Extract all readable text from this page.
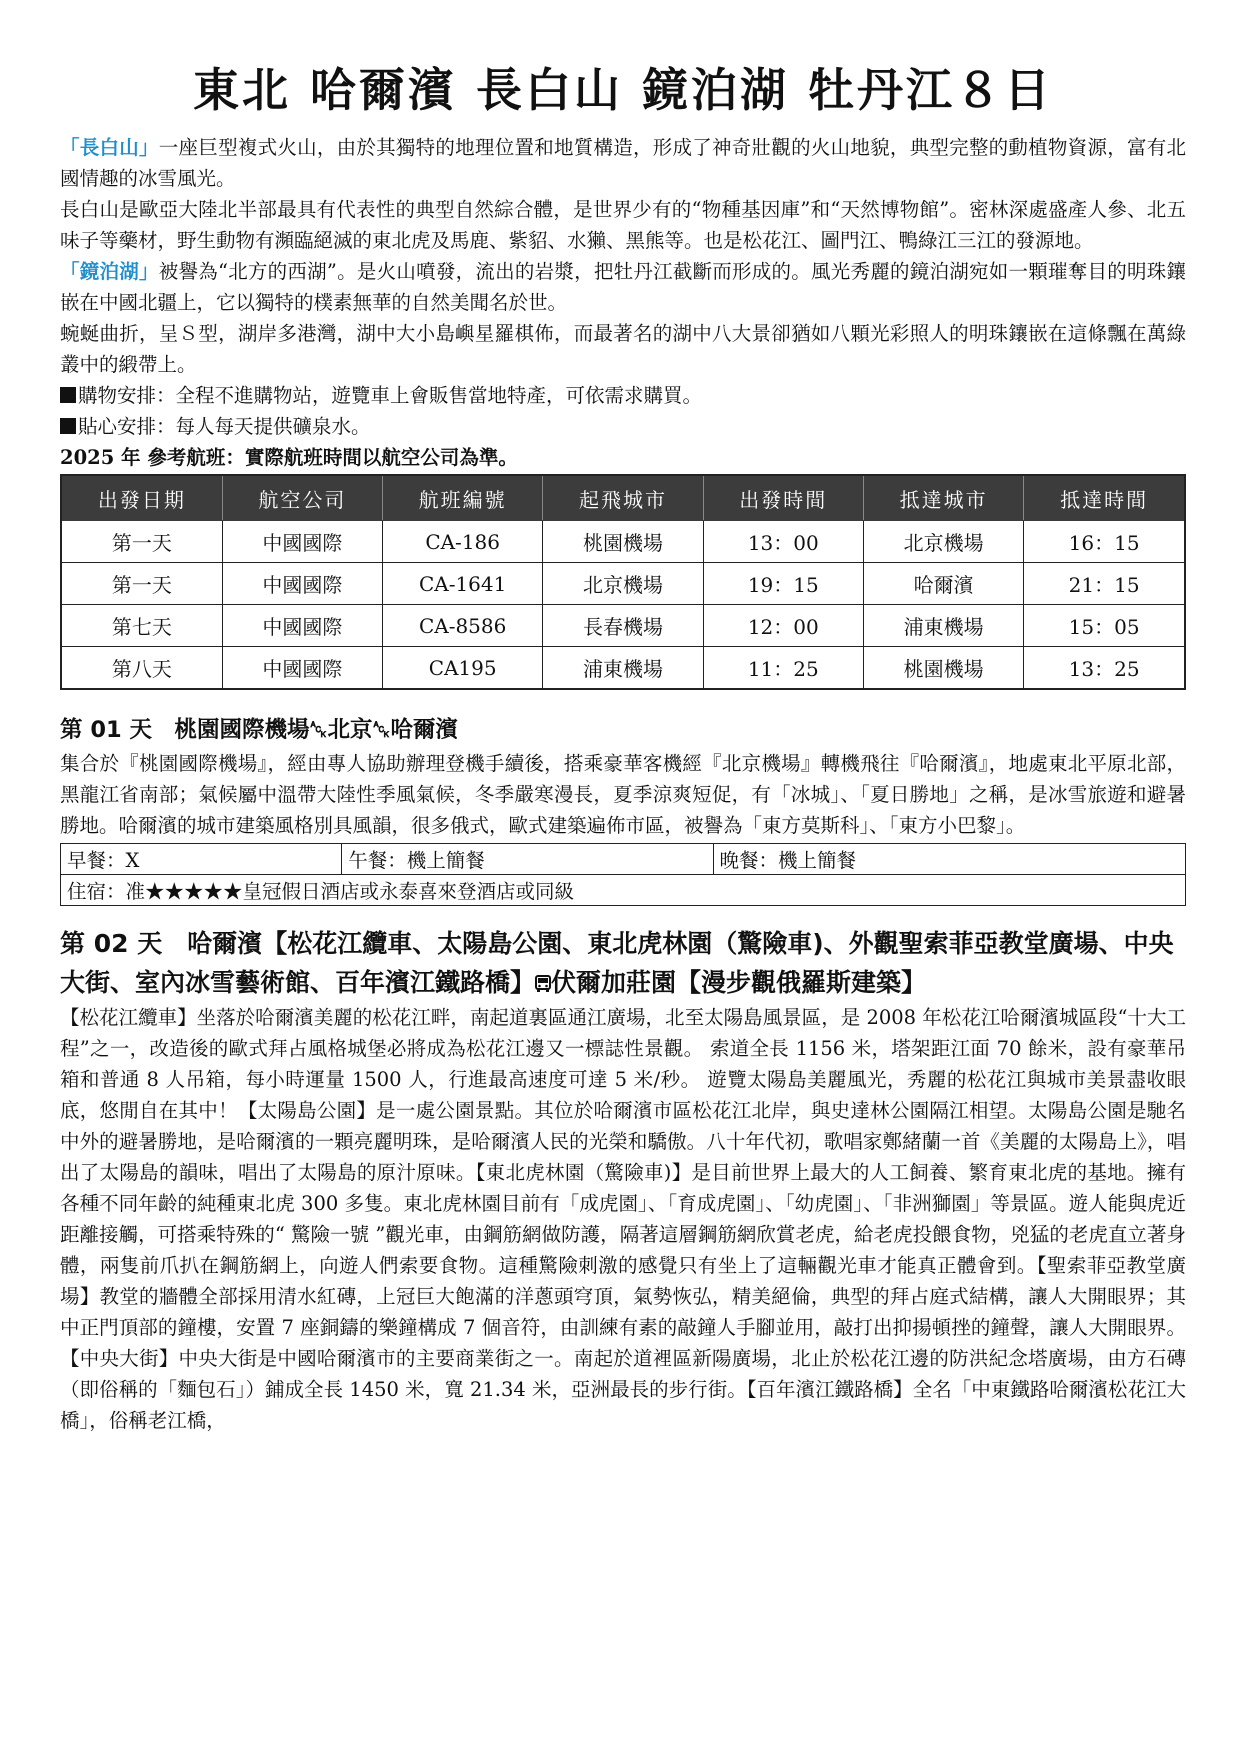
東北 哈爾濱 長白山 鏡泊湖 牡丹江８日

「長白山」一座巨型複式火山，由於其獨特的地理位置和地質構造，形成了神奇壯觀的火山地貌，典型完整的動植物資源，富有北國情趣的冰雪風光。

長白山是歐亞大陸北半部最具有代表性的典型自然綜合體，是世界少有的“物種基因庫”和“天然博物館”。密林深處盛產人參、北五味子等藥材，野生動物有瀕臨絕滅的東北虎及馬鹿、紫貂、水獺、黑熊等。也是松花江、圖門江、鴨綠江三江的發源地。

「鏡泊湖」被譽為“北方的西湖”。是火山噴發，流出的岩漿，把牡丹江截斷而形成的。風光秀麗的鏡泊湖宛如一顆璀奪目的明珠鑲嵌在中國北疆上，它以獨特的樸素無華的自然美聞名於世。

蜿蜒曲折，呈Ｓ型，湖岸多港灣，湖中大小島嶼星羅棋佈，而最著名的湖中八大景卻猶如八顆光彩照人的明珠鑲嵌在這條飄在萬綠叢中的緞帶上。

購物安排：全程不進購物站，遊覽車上會販售當地特產，可依需求購買。

貼心安排：每人每天提供礦泉水。

2025 年 參考航班：實際航班時間以航空公司為準。
出發日期	航空公司	航班編號	起飛城市	出發時間	抵達城市	抵達時間
第一天	中國國際	CA-186	桃園機場	13：00	北京機場	16：15
第一天	中國國際	CA-1641	北京機場	19：15	哈爾濱	21：15
第七天	中國國際	CA-8586	長春機場	12：00	浦東機場	15：05
第八天	中國國際	CA195	浦東機場	11：25	桃園機場	13：25
第 01 天　桃園國際機場␆北京␆哈爾濱

集合於『桃園國際機場』，經由專人協助辦理登機手續後，搭乘豪華客機經『北京機場』轉機飛往『哈爾濱』，地處東北平原北部，黑龍江省南部；氣候屬中溫帶大陸性季風氣候，冬季嚴寒漫長，夏季涼爽短促，有「冰城」、「夏日勝地」之稱，是冰雪旅遊和避暑勝地。哈爾濱的城市建築風格別具風韻，很多俄式，歐式建築遍佈市區，被譽為「東方莫斯科」、「東方小巴黎」。

早餐：X	午餐：機上簡餐	晚餐：機上簡餐
住宿：准★★★★★皇冠假日酒店或永泰喜來登酒店或同級
第 02 天　哈爾濱【松花江纜車、太陽島公園、東北虎林園（驚險車)、外觀聖索菲亞教堂廣場、中央大街、室內冰雪藝術館、百年濱江鐵路橋】 伏爾加莊園【漫步觀俄羅斯建築】

【松花江纜車】坐落於哈爾濱美麗的松花江畔，南起道裏區通江廣場，北至太陽島風景區，是 2008 年松花江哈爾濱城區段“十大工程”之一，改造後的歐式拜占風格城堡必將成為松花江邊又一標誌性景觀。 索道全長 1156 米，塔架距江面 70 餘米，設有豪華吊箱和普通 8 人吊箱，每小時運量 1500 人，行進最高速度可達 5 米/秒。 遊覽太陽島美麗風光，秀麗的松花江與城市美景盡收眼底，悠閒自在其中！【太陽島公園】是一處公園景點。其位於哈爾濱市區松花江北岸，與史達林公園隔江相望。太陽島公園是馳名中外的避暑勝地，是哈爾濱的一顆亮麗明珠，是哈爾濱人民的光榮和驕傲。八十年代初，歌唱家鄭緒蘭一首《美麗的太陽島上》，唱出了太陽島的韻味，唱出了太陽島的原汁原味。【東北虎林園（驚險車)】是目前世界上最大的人工飼養、繁育東北虎的基地。擁有各種不同年齡的純種東北虎 300 多隻。東北虎林園目前有「成虎園」、「育成虎園」、「幼虎園」、「非洲獅園」等景區。遊人能與虎近距離接觸，可搭乘特殊的“ 驚險一號 ”觀光車，由鋼筋網做防護，隔著這層鋼筋網欣賞老虎，給老虎投餵食物，兇猛的老虎直立著身體，兩隻前爪扒在鋼筋網上，向遊人們索要食物。這種驚險刺激的感覺只有坐上了這輛觀光車才能真正體會到。【聖索菲亞教堂廣場】教堂的牆體全部採用清水紅磚，上冠巨大飽滿的洋蔥頭穹頂，氣勢恢弘，精美絕倫，典型的拜占庭式結構，讓人大開眼界；其中正門頂部的鐘樓，安置 7 座銅鑄的樂鐘構成 7 個音符，由訓練有素的敲鐘人手腳並用，敲打出抑揚頓挫的鐘聲，讓人大開眼界。【中央大街】中央大街是中國哈爾濱市的主要商業街之一。南起於道裡區新陽廣場，北止於松花江邊的防洪紀念塔廣場，由方石磚（即俗稱的「麵包石」）鋪成全長 1450 米，寬 21.34 米，亞洲最長的步行街。【百年濱江鐵路橋】全名「中東鐵路哈爾濱松花江大橋」，俗稱老江橋，
